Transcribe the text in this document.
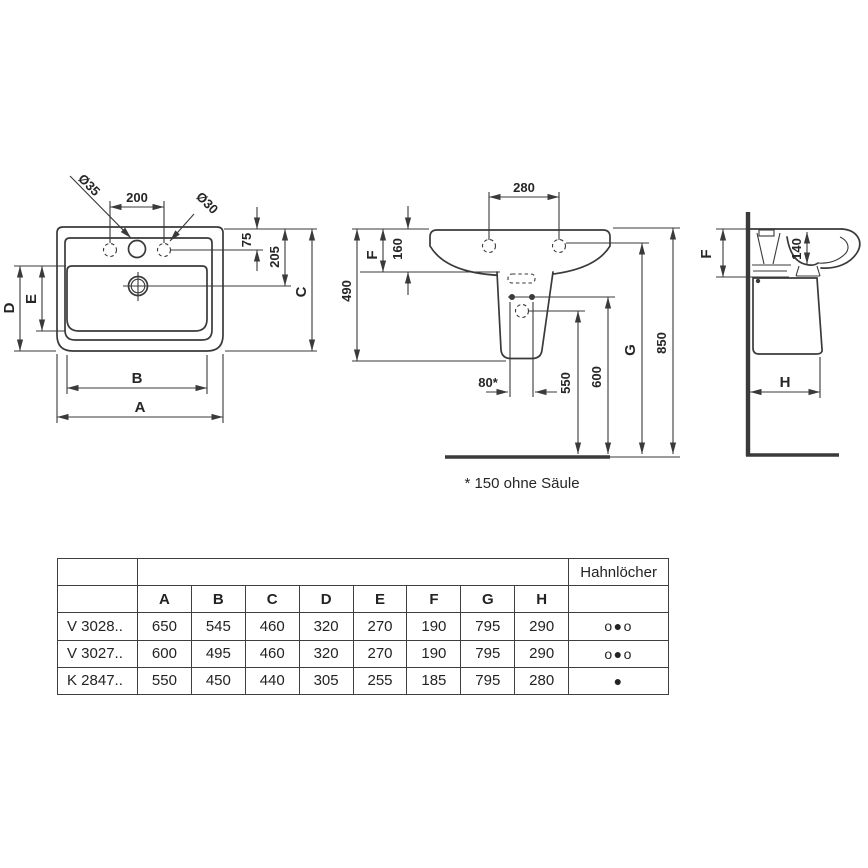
Ø35
Ø30
200
75
205
C
D
E
B
A
280
490
F 160
80*	550 600
G 850
* 150 ohne Säule
F	140
H
									Hahnlöcher
	A	B	C	D	E	F	G	H	
V 3028..	650	545	460	320	270	190	795	290	o●o
V 3027..	600	495	460	320	270	190	795	290	o●o
K 2847..	550	450	440	305	255	185	795	280	●
